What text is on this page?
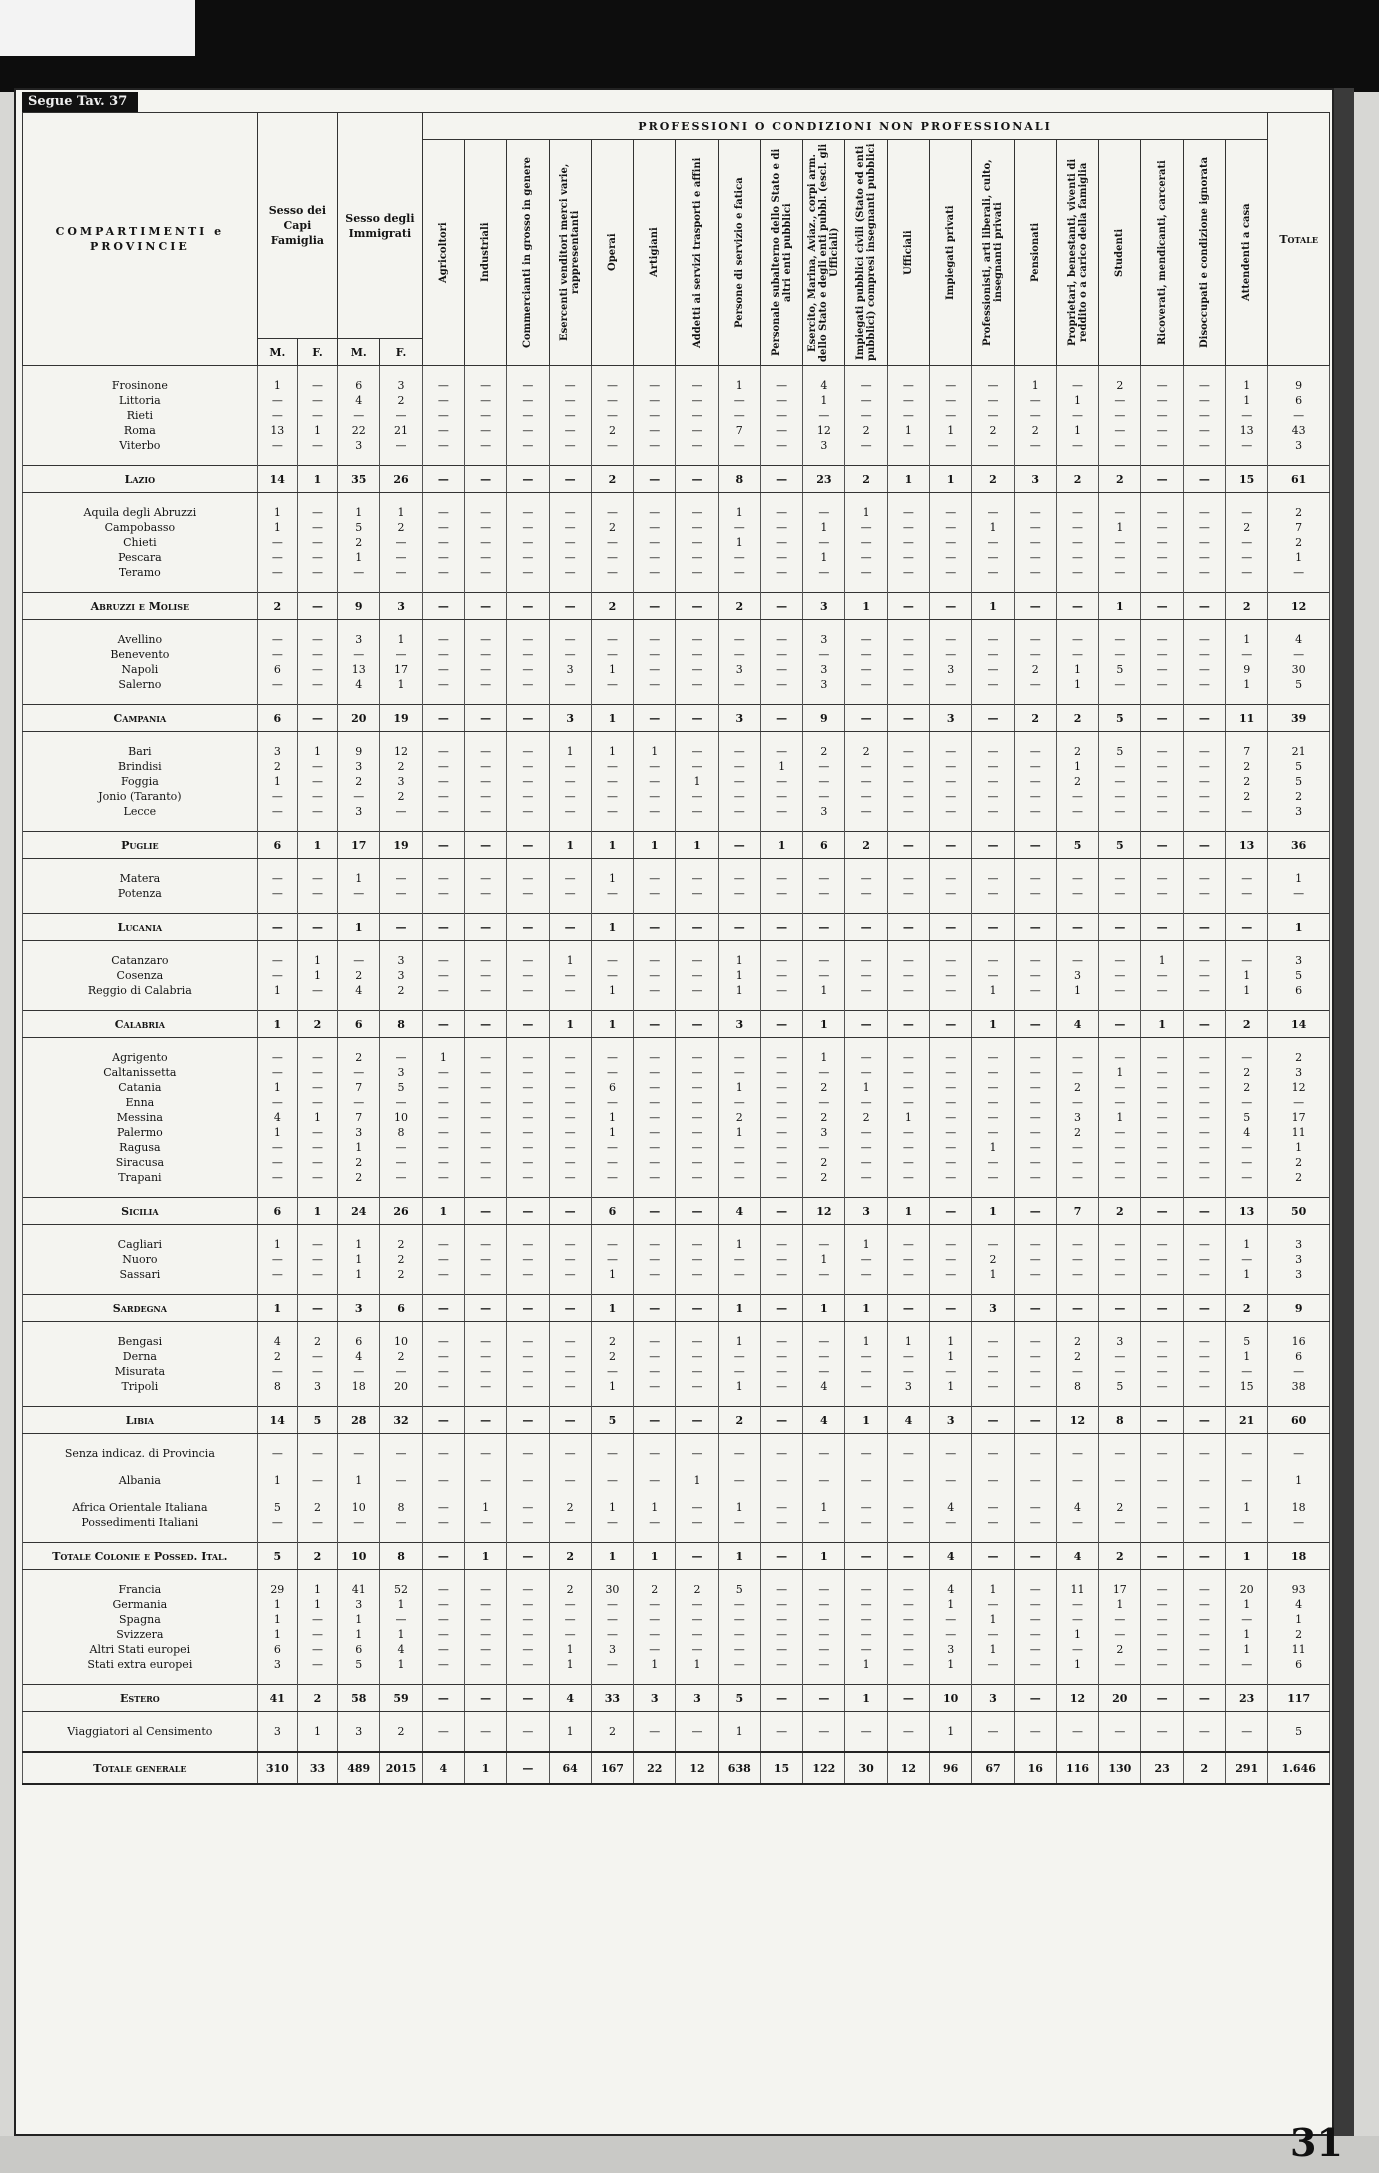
Segue Tav. 37
COMPARTIMENTI e PROVINCIE	Sesso dei Capi Famiglia		Sesso degli Immigrati		PROFESSIONI O CONDIZIONI NON PROFESSIONALI																				Totale

					Agricoltori	Industriali	Commercianti in grosso in genere	Esercenti venditori merci varie, rappresentanti	Operai	Artigiani	Addetti ai servizi trasporti e affini	Persone di servizio e fatica	Personale subalterno dello Stato e di altri enti pubblici	Esercito, Marina, Aviaz., corpi arm. dello Stato e degli enti pubbl. (escl. gli Ufficiali)	Impiegati pubblici civili (Stato ed enti pubblici) compresi insegnanti pubblici	Ufficiali	Impiegati privati	Professionisti, arti liberali, culto, insegnanti privati	Pensionati	Proprietari, benestanti, viventi di reddito o a carico della famiglia	Studenti	Ricoverati, mendicanti, carcerati	Disoccupati e condizione ignorata	Attendenti a casa	

	M.	F.	M.	F.																					

Frosinone	1	—	6	3	—	—	—	—	—	—	—	1	—	4	—	—	—	—	1	—	2	—	—	1	9
Littoria	—	—	4	2	—	—	—	—	—	—	—	—	—	1	—	—	—	—	—	1	—	—	—	1	6
Rieti	—	—	—	—	—	—	—	—	—	—	—	—	—	—	—	—	—	—	—	—	—	—	—	—	—
Roma	13	1	22	21	—	—	—	—	2	—	—	7	—	12	2	1	1	2	2	1	—	—	—	13	43
Viterbo	—	—	3	—	—	—	—	—	—	—	—	—	—	3	—	—	—	—	—	—	—	—	—	—	3

Lazio	14	1	35	26	—	—	—	—	2	—	—	8	—	23	2	1	1	2	3	2	2	—	—	15	61

Aquila degli Abruzzi	1	—	1	1	—	—	—	—	—	—	—	1	—	—	1	—	—	—	—	—	—	—	—	—	2
Campobasso	1	—	5	2	—	—	—	—	2	—	—	—	—	1	—	—	—	1	—	—	1	—	—	2	7
Chieti	—	—	2	—	—	—	—	—	—	—	—	1	—	—	—	—	—	—	—	—	—	—	—	—	2
Pescara	—	—	1	—	—	—	—	—	—	—	—	—	—	1	—	—	—	—	—	—	—	—	—	—	1
Teramo	—	—	—	—	—	—	—	—	—	—	—	—	—	—	—	—	—	—	—	—	—	—	—	—	—

Abruzzi e Molise	2	—	9	3	—	—	—	—	2	—	—	2	—	3	1	—	—	1	—	—	1	—	—	2	12

Avellino	—	—	3	1	—	—	—	—	—	—	—	—	—	3	—	—	—	—	—	—	—	—	—	1	4
Benevento	—	—	—	—	—	—	—	—	—	—	—	—	—	—	—	—	—	—	—	—	—	—	—	—	—
Napoli	6	—	13	17	—	—	—	3	1	—	—	3	—	3	—	—	3	—	2	1	5	—	—	9	30
Salerno	—	—	4	1	—	—	—	—	—	—	—	—	—	3	—	—	—	—	—	1	—	—	—	1	5

Campania	6	—	20	19	—	—	—	3	1	—	—	3	—	9	—	—	3	—	2	2	5	—	—	11	39

Bari	3	1	9	12	—	—	—	1	1	1	—	—	—	2	2	—	—	—	—	2	5	—	—	7	21
Brindisi	2	—	3	2	—	—	—	—	—	—	—	—	1	—	—	—	—	—	—	1	—	—	—	2	5
Foggia	1	—	2	3	—	—	—	—	—	—	1	—	—	—	—	—	—	—	—	2	—	—	—	2	5
Jonio (Taranto)	—	—	—	2	—	—	—	—	—	—	—	—	—	—	—	—	—	—	—	—	—	—	—	2	2
Lecce	—	—	3	—	—	—	—	—	—	—	—	—	—	3	—	—	—	—	—	—	—	—	—	—	3

Puglie	6	1	17	19	—	—	—	1	1	1	1	—	1	6	2	—	—	—	—	5	5	—	—	13	36

Matera	—	—	1	—	—	—	—	—	1	—	—	—	—	—	—	—	—	—	—	—	—	—	—	—	1
Potenza	—	—	—	—	—	—	—	—	—	—	—	—	—	—	—	—	—	—	—	—	—	—	—	—	—

Lucania	—	—	1	—	—	—	—	—	1	—	—	—	—	—	—	—	—	—	—	—	—	—	—	—	1

Catanzaro	—	1	—	3	—	—	—	1	—	—	—	1	—	—	—	—	—	—	—	—	—	1	—	—	3
Cosenza	—	1	2	3	—	—	—	—	—	—	—	1	—	—	—	—	—	—	—	3	—	—	—	1	5
Reggio di Calabria	1	—	4	2	—	—	—	—	1	—	—	1	—	1	—	—	—	1	—	1	—	—	—	1	6

Calabria	1	2	6	8	—	—	—	1	1	—	—	3	—	1	—	—	—	1	—	4	—	1	—	2	14

Agrigento	—	—	2	—	1	—	—	—	—	—	—	—	—	1	—	—	—	—	—	—	—	—	—	—	2
Caltanissetta	—	—	—	3	—	—	—	—	—	—	—	—	—	—	—	—	—	—	—	—	1	—	—	2	3
Catania	1	—	7	5	—	—	—	—	6	—	—	1	—	2	1	—	—	—	—	2	—	—	—	2	12
Enna	—	—	—	—	—	—	—	—	—	—	—	—	—	—	—	—	—	—	—	—	—	—	—	—	—
Messina	4	1	7	10	—	—	—	—	1	—	—	2	—	2	2	1	—	—	—	3	1	—	—	5	17
Palermo	1	—	3	8	—	—	—	—	1	—	—	1	—	3	—	—	—	—	—	2	—	—	—	4	11
Ragusa	—	—	1	—	—	—	—	—	—	—	—	—	—	—	—	—	—	1	—	—	—	—	—	—	1
Siracusa	—	—	2	—	—	—	—	—	—	—	—	—	—	2	—	—	—	—	—	—	—	—	—	—	2
Trapani	—	—	2	—	—	—	—	—	—	—	—	—	—	2	—	—	—	—	—	—	—	—	—	—	2

Sicilia	6	1	24	26	1	—	—	—	6	—	—	4	—	12	3	1	—	1	—	7	2	—	—	13	50

Cagliari	1	—	1	2	—	—	—	—	—	—	—	1	—	—	1	—	—	—	—	—	—	—	—	1	3
Nuoro	—	—	1	2	—	—	—	—	—	—	—	—	—	1	—	—	—	2	—	—	—	—	—	—	3
Sassari	—	—	1	2	—	—	—	—	1	—	—	—	—	—	—	—	—	1	—	—	—	—	—	1	3

Sardegna	1	—	3	6	—	—	—	—	1	—	—	1	—	1	1	—	—	3	—	—	—	—	—	2	9

Bengasi	4	2	6	10	—	—	—	—	2	—	—	1	—	—	1	1	1	—	—	2	3	—	—	5	16
Derna	2	—	4	2	—	—	—	—	2	—	—	—	—	—	—	—	1	—	—	2	—	—	—	1	6
Misurata	—	—	—	—	—	—	—	—	—	—	—	—	—	—	—	—	—	—	—	—	—	—	—	—	—
Tripoli	8	3	18	20	—	—	—	—	1	—	—	1	—	4	—	3	1	—	—	8	5	—	—	15	38

Libia	14	5	28	32	—	—	—	—	5	—	—	2	—	4	1	4	3	—	—	12	8	—	—	21	60

Senza indicaz. di Provincia	—	—	—	—	—	—	—	—	—	—	—	—	—	—	—	—	—	—	—	—	—	—	—	—	—

Albania	1	—	1	—	—	—	—	—	—	—	1	—	—	—	—	—	—	—	—	—	—	—	—	—	1

Africa Orientale Italiana	5	2	10	8	—	1	—	2	1	1	—	1	—	1	—	—	4	—	—	4	2	—	—	1	18
Possedimenti Italiani	—	—	—	—	—	—	—	—	—	—	—	—	—	—	—	—	—	—	—	—	—	—	—	—	—

Totale Colonie e Possed. Ital.	5	2	10	8	—	1	—	2	1	1	—	1	—	1	—	—	4	—	—	4	2	—	—	1	18

Francia	29	1	41	52	—	—	—	2	30	2	2	5	—	—	—	—	4	1	—	11	17	—	—	20	93
Germania	1	1	3	1	—	—	—	—	—	—	—	—	—	—	—	—	1	—	—	—	1	—	—	1	4
Spagna	1	—	1	—	—	—	—	—	—	—	—	—	—	—	—	—	—	1	—	—	—	—	—	—	1
Svizzera	1	—	1	1	—	—	—	—	—	—	—	—	—	—	—	—	—	—	—	1	—	—	—	1	2
Altri Stati europei	6	—	6	4	—	—	—	1	3	—	—	—	—	—	—	—	3	1	—	—	2	—	—	1	11
Stati extra europei	3	—	5	1	—	—	—	1	—	1	1	—	—	—	1	—	1	—	—	1	—	—	—	—	6

Estero	41	2	58	59	—	—	—	4	33	3	3	5	—	—	1	—	10	3	—	12	20	—	—	23	117

Viaggiatori al Censimento	3	1	3	2	—	—	—	1	2	—	—	1	—	—	—	—	1	—	—	—	—	—	—	—	5

Totale generale	310	33	489	2015	4	1	—	64	167	22	12	638	15	122	30	12	96	67	16	116	130	23	2	291	1.646
31
